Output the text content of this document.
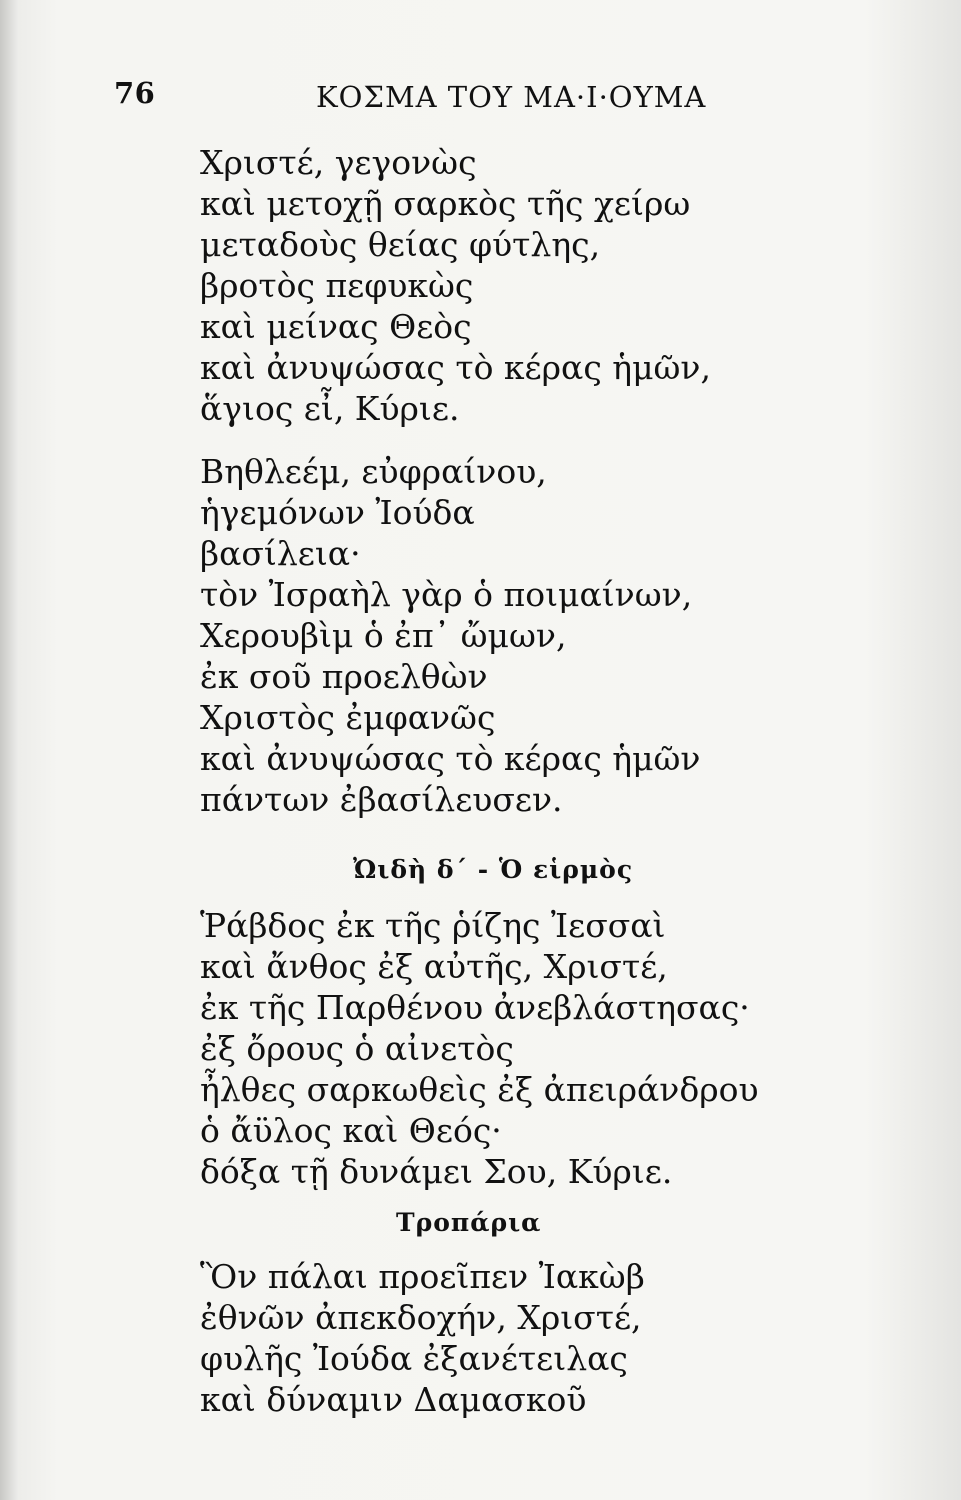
76	ΚΟΣΜΑ ΤΟΥ ΜΑ·Ι·ΟΥΜΑ
Χριστέ, γεγονὼς
καὶ μετοχῇ σαρκὸς τῆς χείρω
μεταδοὺς θείας φύτλης,
βροτὸς πεφυκὼς
καὶ μείνας Θεὸς
καὶ ἀνυψώσας τὸ κέρας ἡμῶν,
ἅγιος εἶ, Κύριε.
Βηθλεέμ, εὐφραίνου,
ἡγεμόνων Ἰούδα
βασίλεια·
τὸν Ἰσραὴλ γὰρ ὁ ποιμαίνων,
Χερουβὶμ ὁ ἐπ᾿ ὤμων,
ἐκ σοῦ προελθὼν
Χριστὸς ἐμφανῶς
καὶ ἀνυψώσας τὸ κέρας ἡμῶν
πάντων ἐβασίλευσεν.
Ὠιδὴ δ´ - Ὁ εἱρμὸς
Ῥάβδος ἐκ τῆς ῥίζης Ἰεσσαὶ
καὶ ἄνθος ἐξ αὐτῆς, Χριστέ,
ἐκ τῆς Παρθένου ἀνεβλάστησας·
ἐξ ὄρους ὁ αἰνετὸς
ἦλθες σαρκωθεὶς ἐξ ἀπειράνδρου
ὁ ἄϋλος καὶ Θεός·
δόξα τῇ δυνάμει Σου, Κύριε.
Τροπάρια
Ὃν πάλαι προεῖπεν Ἰακὼβ
ἐθνῶν ἀπεκδοχήν, Χριστέ,
φυλῆς Ἰούδα ἐξανέτειλας
καὶ δύναμιν Δαμασκοῦ
